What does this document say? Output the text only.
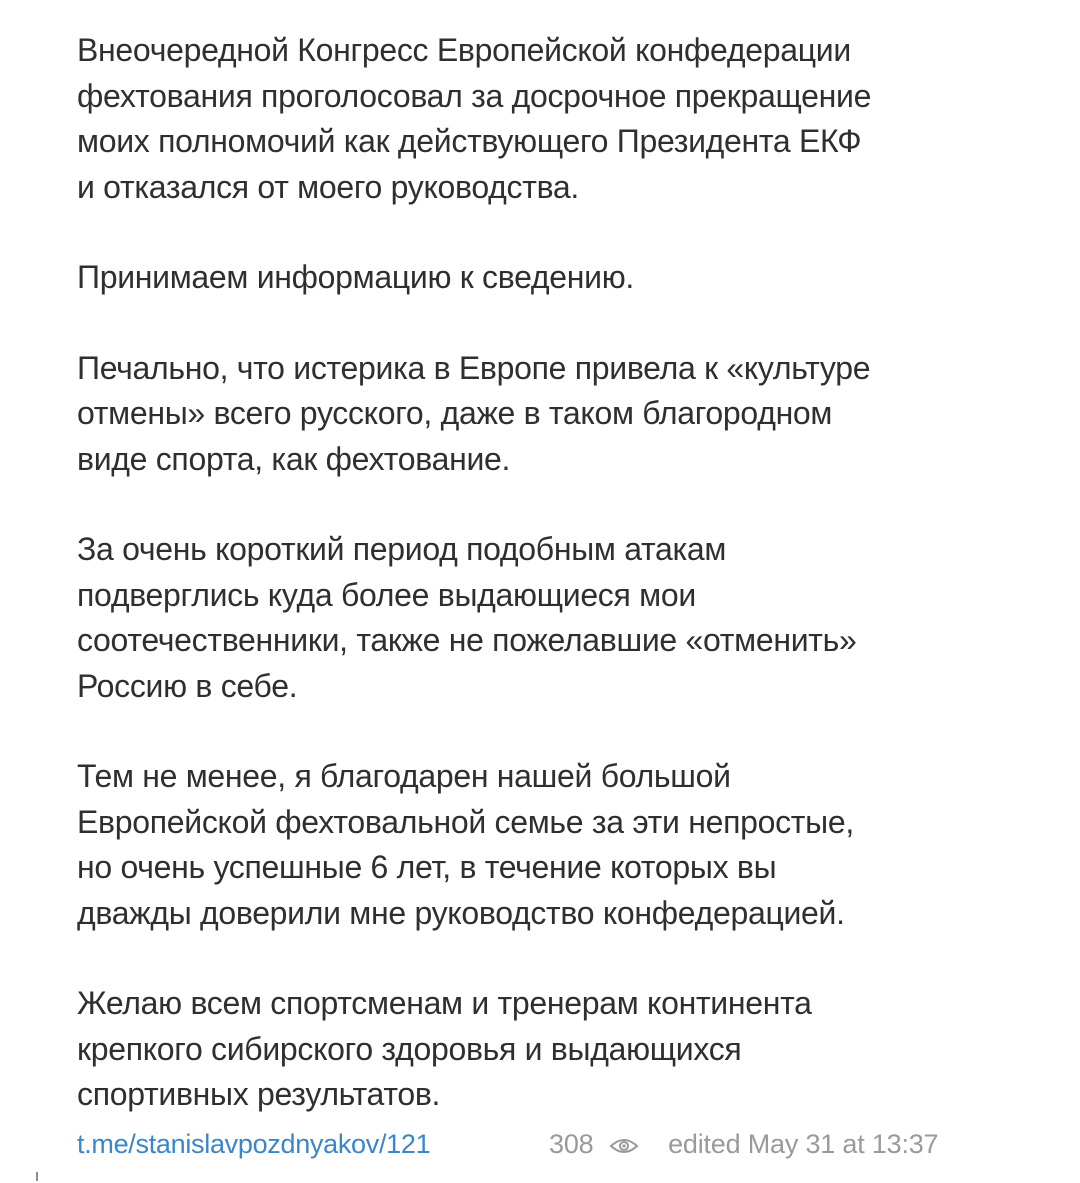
Внеочередной Конгресс Европейской конфедерации
фехтования проголосовал за досрочное прекращение
моих полномочий как действующего Президента ЕКФ
и отказался от моего руководства.

Принимаем информацию к сведению.

Печально, что истерика в Европе привела к «культуре
отмены» всего русского, даже в таком благородном
виде спорта, как фехтование.

За очень короткий период подобным атакам
подверглись куда более выдающиеся мои
соотечественники, также не пожелавшие «отменить»
Россию в себе.

Тем не менее, я благодарен нашей большой
Европейской фехтовальной семье за эти непростые,
но очень успешные 6 лет, в течение которых вы
дважды доверили мне руководство конфедерацией.

Желаю всем спортсменам и тренерам континента
крепкого сибирского здоровья и выдающихся
спортивных результатов.

t.me/stanislavpozdnyakov/121	308	edited May 31 at 13:37
